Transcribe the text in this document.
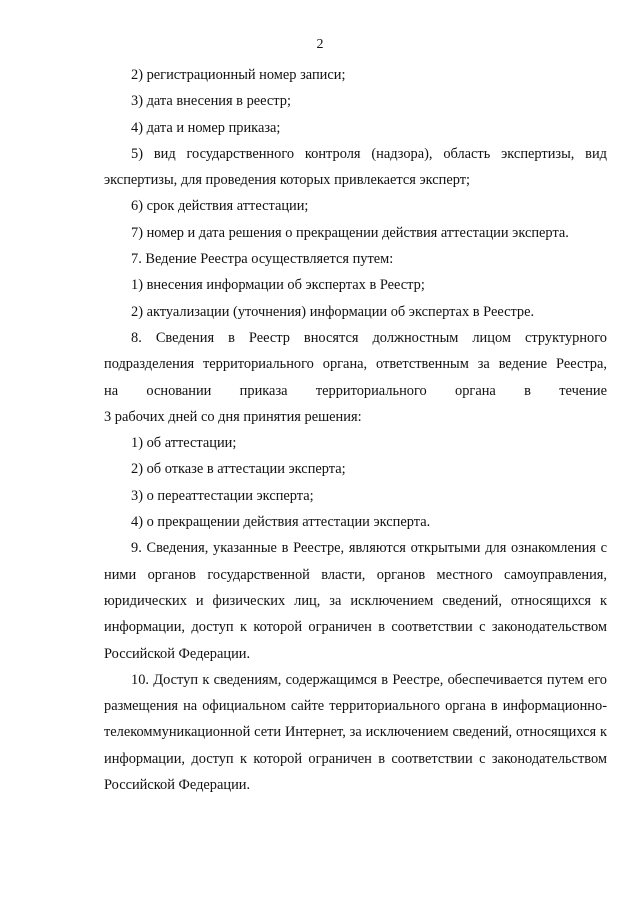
2

2) регистрационный номер записи;

3) дата внесения в реестр;

4) дата и номер приказа;

5) вид государственного контроля (надзора), область экспертизы, вид экспертизы, для проведения которых привлекается эксперт;

6) срок действия аттестации;

7) номер и дата решения о прекращении действия аттестации эксперта.

7. Ведение Реестра осуществляется путем:

1) внесения информации об экспертах в Реестр;

2) актуализации (уточнения) информации об экспертах в Реестре.

8. Сведения в Реестр вносятся должностным лицом структурного подразделения территориального органа, ответственным за ведение Реестра,

на основании приказа территориального органа в течение

3 рабочих дней со дня принятия решения:

1) об аттестации;

2) об отказе в аттестации эксперта;

3) о переаттестации эксперта;

4) о прекращении действия аттестации эксперта.

9. Сведения, указанные в Реестре, являются открытыми для ознакомления с ними органов государственной власти, органов местного самоуправления, юридических и физических лиц, за исключением сведений, относящихся к информации, доступ к которой ограничен в соответствии с законодательством Российской Федерации.

10. Доступ к сведениям, содержащимся в Реестре, обеспечивается путем его размещения на официальном сайте территориального органа в информационно-телекоммуникационной сети Интернет, за исключением сведений, относящихся к информации, доступ к которой ограничен в соответствии с законодательством Российской Федерации.
